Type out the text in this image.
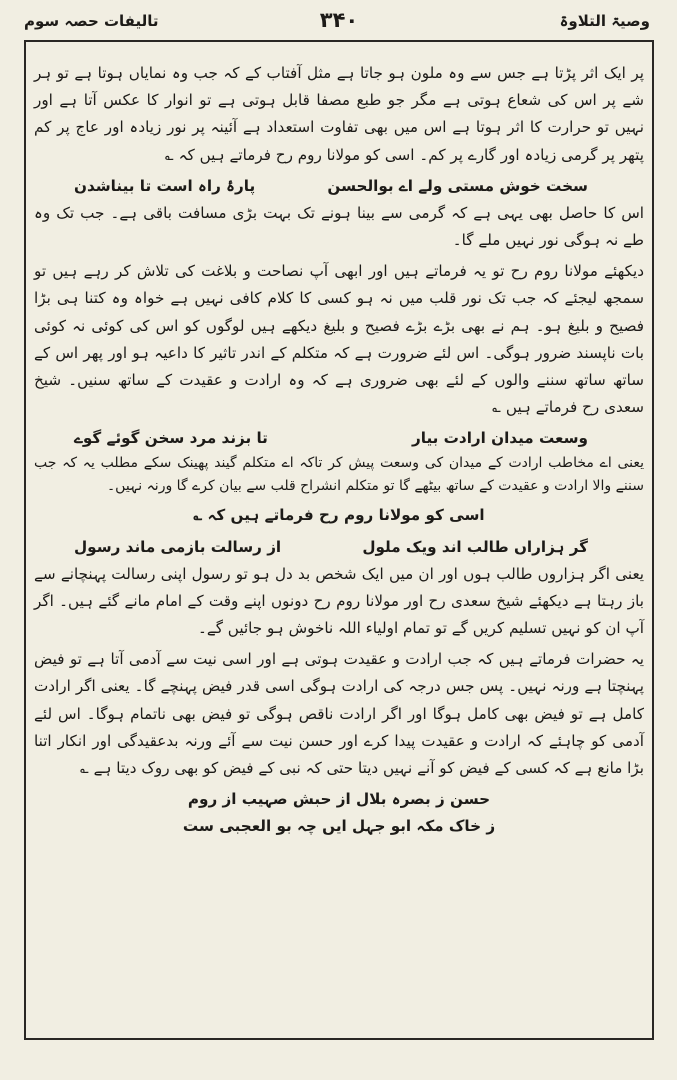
وصیۃ التلاوۃ
۳۴۰
تالیفات حصہ سوم

پر ایک اثر پڑتا ہے جس سے وہ ملون ہو جاتا ہے مثل آفتاب کے کہ جب وہ نمایاں ہوتا ہے تو ہر شے پر اس کی شعاع ہوتی ہے مگر جو طبع مصفا قابل ہوتی ہے تو انوار کا عکس آتا ہے اور نہیں تو حرارت کا اثر ہوتا ہے اس میں بھی تفاوت استعداد ہے آئینہ پر نور زیادہ اور عاج پر کم پتھر پر گرمی زیادہ اور گارے پر کم۔ اسی کو مولانا روم رح فرماتے ہیں کہ ؎

سخت خوش مستی ولے اے بوالحسن
پارۂ راہ است تا بیناشدن

اس کا حاصل بھی یہی ہے کہ گرمی سے بینا ہونے تک بہت بڑی مسافت باقی ہے۔ جب تک وہ طے نہ ہوگی نور نہیں ملے گا۔

دیکھئے مولانا روم رح تو یہ فرماتے ہیں اور ابھی آپ نصاحت و بلاغت کی تلاش کر رہے ہیں تو سمجھ لیجئے کہ جب تک نور قلب میں نہ ہو کسی کا کلام کافی نہیں ہے خواہ وہ کتنا ہی بڑا فصیح و بلیغ ہو۔ ہم نے بھی بڑے بڑے فصیح و بلیغ دیکھے ہیں لوگوں کو اس کی کوئی نہ کوئی بات ناپسند ضرور ہوگی۔ اس لئے ضرورت ہے کہ متکلم کے اندر تاثیر کا داعیہ ہو اور پھر اس کے ساتھ ساتھ سننے والوں کے لئے بھی ضروری ہے کہ وہ ارادت و عقیدت کے ساتھ سنیں۔ شیخ سعدی رح فرماتے ہیں ؎

وسعت میدان ارادت بیار
تا بزند مرد سخن گوئے گوے

یعنی اے مخاطب ارادت کے میدان کی وسعت پیش کر تاکہ اے متکلم گیند پھینک سکے مطلب یہ کہ جب سننے والا ارادت و عقیدت کے ساتھ بیٹھے گا تو متکلم انشراح قلب سے بیان کرے گا ورنہ نہیں۔

اسی کو مولانا روم رح فرماتے ہیں کہ ؎

گر ہزاراں طالب اند ویک ملول
از رسالت بازمی ماند رسول

یعنی اگر ہزاروں طالب ہوں اور ان میں ایک شخص بد دل ہو تو رسول اپنی رسالت پہنچانے سے باز رہتا ہے دیکھئے شیخ سعدی رح اور مولانا روم رح دونوں اپنے وقت کے امام مانے گئے ہیں۔ اگر آپ ان کو نہیں تسلیم کریں گے تو تمام اولیاء اللہ ناخوش ہو جائیں گے۔

یہ حضرات فرماتے ہیں کہ جب ارادت و عقیدت ہوتی ہے اور اسی نیت سے آدمی آتا ہے تو فیض پہنچتا ہے ورنہ نہیں۔ پس جس درجہ کی ارادت ہوگی اسی قدر فیض پہنچے گا۔ یعنی اگر ارادت کامل ہے تو فیض بھی کامل ہوگا اور اگر ارادت ناقص ہوگی تو فیض بھی ناتمام ہوگا۔ اس لئے آدمی کو چاہئے کہ ارادت و عقیدت پیدا کرے اور حسن نیت سے آئے ورنہ بدعقیدگی اور انکار اتنا بڑا مانع ہے کہ کسی کے فیض کو آنے نہیں دیتا حتی کہ نبی کے فیض کو بھی روک دیتا ہے ؎

حسن ز بصرہ بلال از حبش صہیب از روم
ز خاک مکہ ابو جہل ایں چہ بو العجبی ست
